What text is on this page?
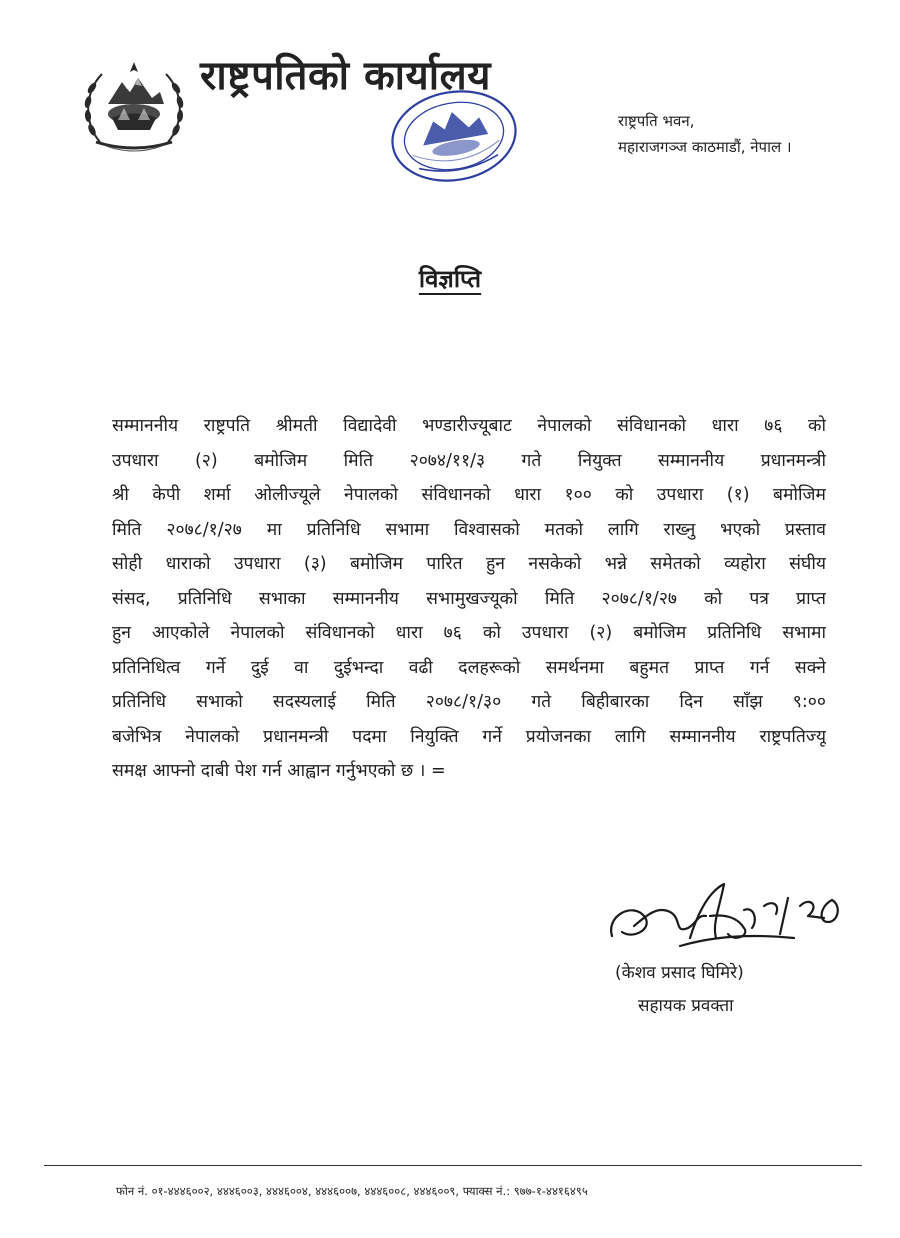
राष्ट्रपतिको कार्यालय
राष्ट्रपति भवन,
महाराजगञ्ज काठमाडौं, नेपाल ।
विज्ञप्ति
सम्माननीय राष्ट्रपति श्रीमती विद्यादेवी भण्डारीज्यूबाट नेपालको संविधानको धारा ७६ को
उपधारा (२) बमोजिम मिति २०७४/११/३ गते नियुक्त सम्माननीय प्रधानमन्त्री
श्री केपी शर्मा ओलीज्यूले नेपालको संविधानको धारा १०० को उपधारा (१) बमोजिम
मिति २०७८/१/२७ मा प्रतिनिधि सभामा विश्वासको मतको लागि राख्नु भएको प्रस्ताव
सोही धाराको उपधारा (३) बमोजिम पारित हुन नसकेको भन्ने समेतको व्यहोरा संघीय
संसद, प्रतिनिधि सभाका सम्माननीय सभामुखज्यूको मिति २०७८/१/२७ को पत्र प्राप्त
हुन आएकोले नेपालको संविधानको धारा ७६ को उपधारा (२) बमोजिम प्रतिनिधि सभामा
प्रतिनिधित्व गर्ने दुई वा दुईभन्दा वढी दलहरूको समर्थनमा बहुमत प्राप्त गर्न सक्ने
प्रतिनिधि सभाको सदस्यलाई मिति २०७८/१/३० गते बिहीबारका दिन साँझ ९:००
बजेभित्र नेपालको प्रधानमन्त्री पदमा नियुक्ति गर्ने प्रयोजनका लागि सम्माननीय राष्ट्रपतिज्यू
समक्ष आफ्नो दाबी पेश गर्न आह्वान गर्नुभएको छ । =
(केशव प्रसाद घिमिरे)
सहायक प्रवक्ता
फोन नं. ०१-४४४६००२, ४४४६००३, ४४४६००४, ४४४६००७, ४४४६००८, ४४४६००९, फ्याक्स नं.: ९७७-१-४४१६४९५
